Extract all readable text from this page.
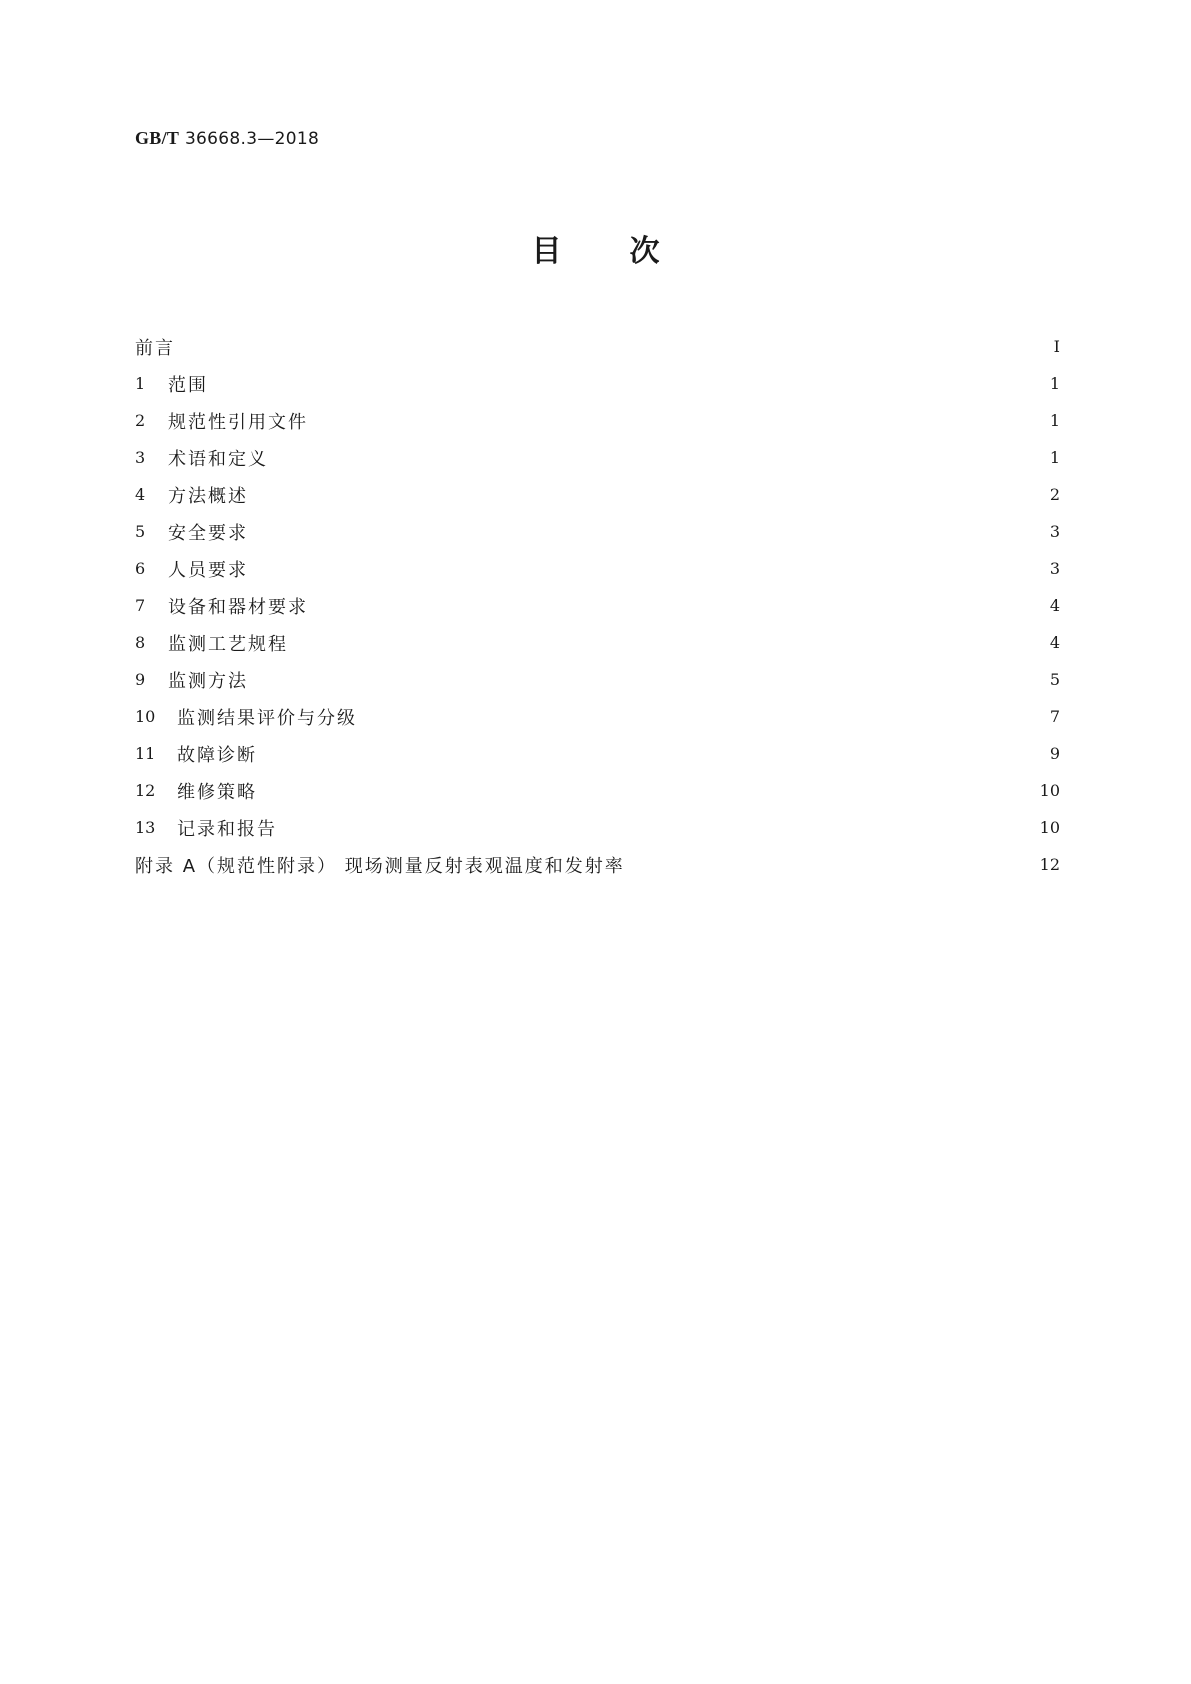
GB/T 36668.3—2018
目次
前言	Ⅰ
1	范围	1
2	规范性引用文件	1
3	术语和定义	1
4	方法概述	2
5	安全要求	3
6	人员要求	3
7	设备和器材要求	4
8	监测工艺规程	4
9	监测方法	5
10	监测结果评价与分级	7
11	故障诊断	9
12	维修策略	10
13	记录和报告	10
附录 A（规范性附录） 现场测量反射表观温度和发射率	12
